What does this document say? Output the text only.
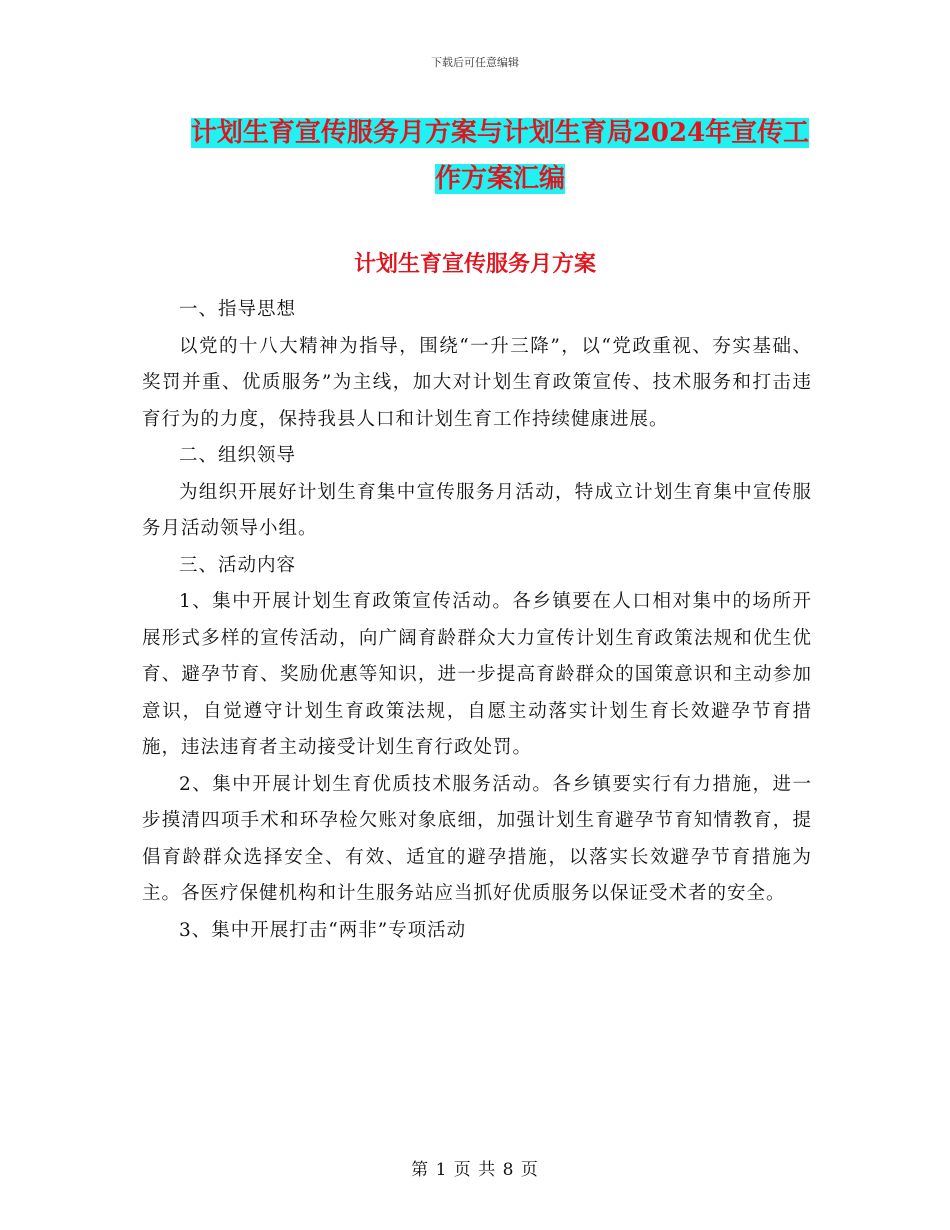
下载后可任意编辑
计划生育宣传服务月方案与计划生育局2024年宣传工
作方案汇编
计划生育宣传服务月方案

一、指导思想

以党的十八大精神为指导，围绕“一升三降”，以“党政重视、夯实基础、奖罚并重、优质服务”为主线，加大对计划生育政策宣传、技术服务和打击违育行为的力度，保持我县人口和计划生育工作持续健康进展。

二、组织领导

为组织开展好计划生育集中宣传服务月活动，特成立计划生育集中宣传服务月活动领导小组。

三、活动内容

1、集中开展计划生育政策宣传活动。各乡镇要在人口相对集中的场所开展形式多样的宣传活动，向广阔育龄群众大力宣传计划生育政策法规和优生优育、避孕节育、奖励优惠等知识，进一步提高育龄群众的国策意识和主动参加意识，自觉遵守计划生育政策法规，自愿主动落实计划生育长效避孕节育措施，违法违育者主动接受计划生育行政处罚。

2、集中开展计划生育优质技术服务活动。各乡镇要实行有力措施，进一步摸清四项手术和环孕检欠账对象底细，加强计划生育避孕节育知情教育，提倡育龄群众选择安全、有效、适宜的避孕措施，以落实长效避孕节育措施为主。各医疗保健机构和计生服务站应当抓好优质服务以保证受术者的安全。

3、集中开展打击“两非”专项活动

第 1 页 共 8 页
